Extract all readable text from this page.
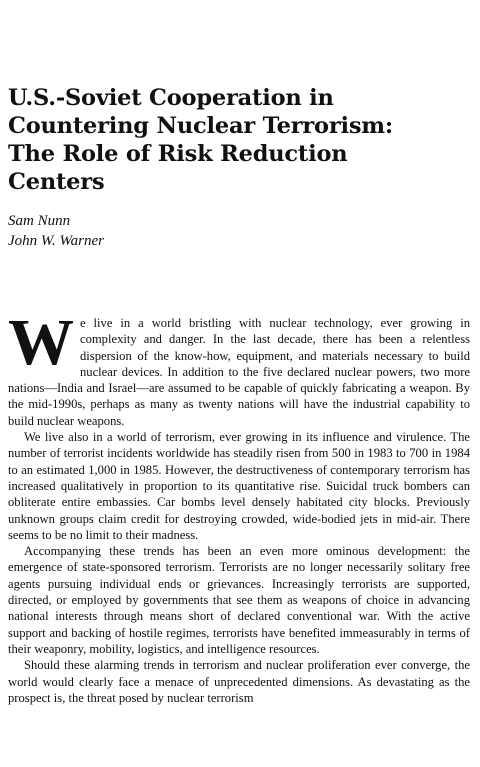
U.S.-Soviet Cooperation in
Countering Nuclear Terrorism:
The Role of Risk Reduction
Centers
Sam Nunn
John W. Warner

We live in a world bristling with nuclear technology, ever growing in complexity and danger. In the last decade, there has been a relentless dispersion of the know-how, equipment, and materials necessary to build nuclear devices. In addition to the five declared nuclear powers, two more nations—India and Israel—are assumed to be capable of quickly fabricating a weapon. By the mid-1990s, perhaps as many as twenty nations will have the industrial capability to build nuclear weapons.

We live also in a world of terrorism, ever growing in its influence and virulence. The number of terrorist incidents worldwide has steadily risen from 500 in 1983 to 700 in 1984 to an estimated 1,000 in 1985. However, the destructiveness of contemporary terrorism has increased qualitatively in proportion to its quantitative rise. Suicidal truck bombers can obliterate entire embassies. Car bombs level densely habitated city blocks. Previously unknown groups claim credit for destroying crowded, wide-bodied jets in mid-air. There seems to be no limit to their madness.

Accompanying these trends has been an even more ominous development: the emergence of state-sponsored terrorism. Terrorists are no longer necessarily solitary free agents pursuing individual ends or grievances. Increasingly terrorists are supported, directed, or employed by governments that see them as weapons of choice in advancing national interests through means short of declared conventional war. With the active support and backing of hostile regimes, terrorists have benefited immeasurably in terms of their weaponry, mobility, logistics, and intelligence resources.

Should these alarming trends in terrorism and nuclear proliferation ever converge, the world would clearly face a menace of unprecedented dimensions. As devastating as the prospect is, the threat posed by nuclear terrorism
